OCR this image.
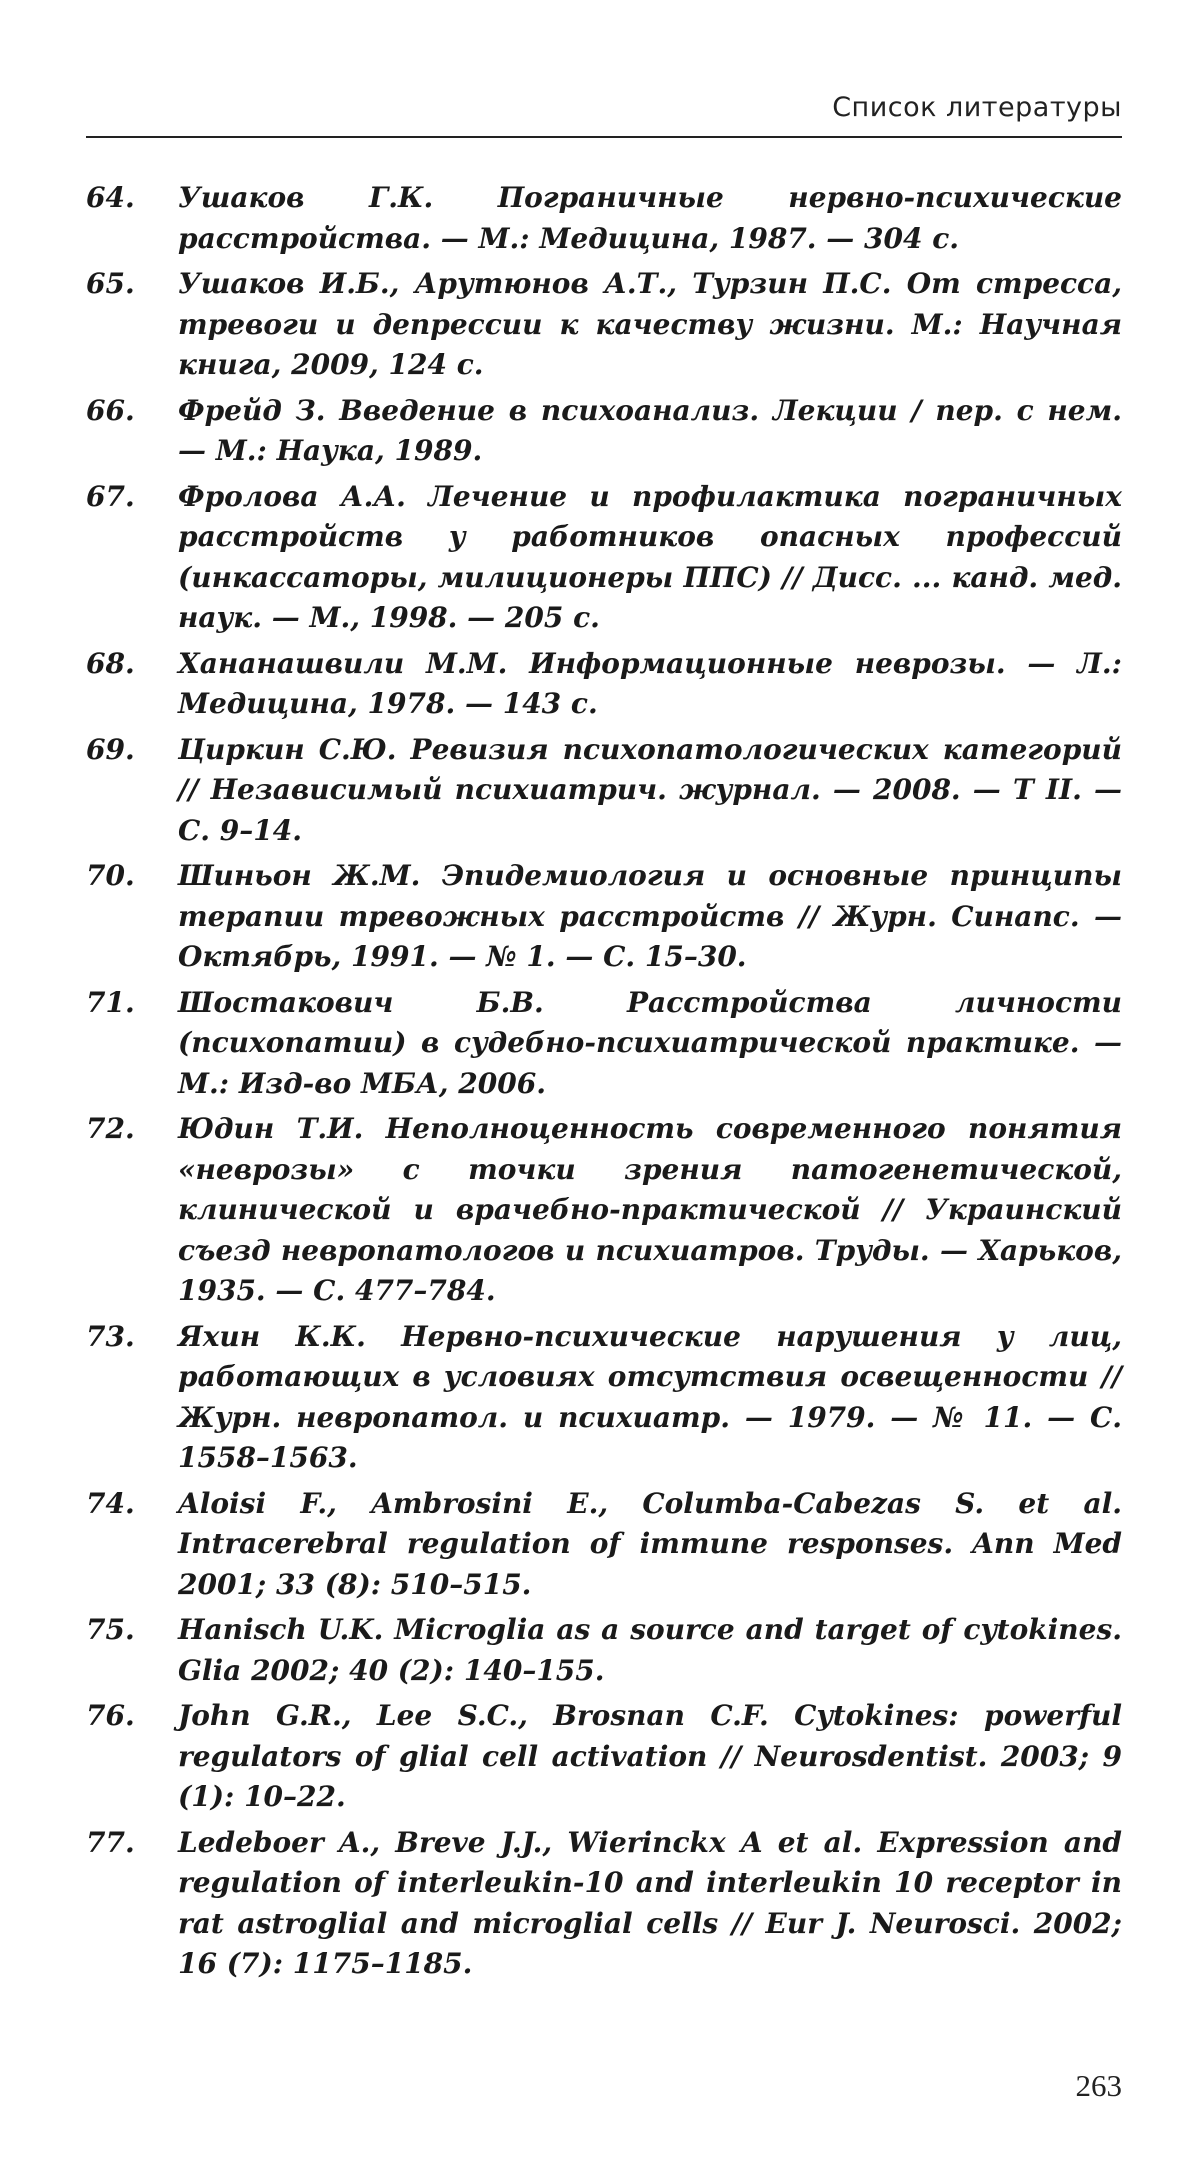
Список литературы
64. Ушаков Г.К. Пограничные нервно-психические расстройства. — М.: Медицина, 1987. — 304 с.
65. Ушаков И.Б., Арутюнов А.Т., Турзин П.С. От стресса, тревоги и депрессии к качеству жизни. М.: Научная книга, 2009, 124 с.
66. Фрейд З. Введение в психоанализ. Лекции / пер. с нем. — М.: Наука, 1989.
67. Фролова А.А. Лечение и профилактика пограничных расстройств у работников опасных профессий (инкассаторы, милиционеры ППС) // Дисс. ... канд. мед. наук. — М., 1998. — 205 с.
68. Хананашвили М.М. Информационные неврозы. — Л.: Медицина, 1978. — 143 с.
69. Циркин С.Ю. Ревизия психопатологических категорий // Независимый психиатрич. журнал. — 2008. — Т II. — С. 9–14.
70. Шиньон Ж.М. Эпидемиология и основные принципы терапии тревожных расстройств // Журн. Синапс. — Октябрь, 1991. — № 1. — С. 15–30.
71. Шостакович Б.В. Расстройства личности (психопатии) в судебно-психиатрической практике. — М.: Изд-во МБА, 2006.
72. Юдин Т.И. Неполноценность современного понятия «неврозы» с точки зрения патогенетической, клинической и врачебно-практической // Украинский съезд невропатологов и психиатров. Труды. — Харьков, 1935. — С. 477–784.
73. Яхин К.К. Нервно-психические нарушения у лиц, работающих в условиях отсутствия освещенности // Журн. невропатол. и психиатр. — 1979. — № 11. — С. 1558–1563.
74. Aloisi F., Ambrosini E., Columba-Cabezas S. et al. Intracerebral regulation of immune responses. Ann Med 2001; 33 (8): 510–515.
75. Hanisch U.K. Microglia as a source and target of cytokines. Glia 2002; 40 (2): 140–155.
76. John G.R., Lee S.C., Brosnan C.F. Cytokines: powerful regulators of glial cell activation // Neurosdentist. 2003; 9 (1): 10–22.
77. Ledeboer A., Breve J.J., Wierinckx A et al. Expression and regulation of interleukin-10 and interleukin 10 receptor in rat astroglial and microglial cells // Eur J. Neurosci. 2002; 16 (7): 1175–1185.
263
